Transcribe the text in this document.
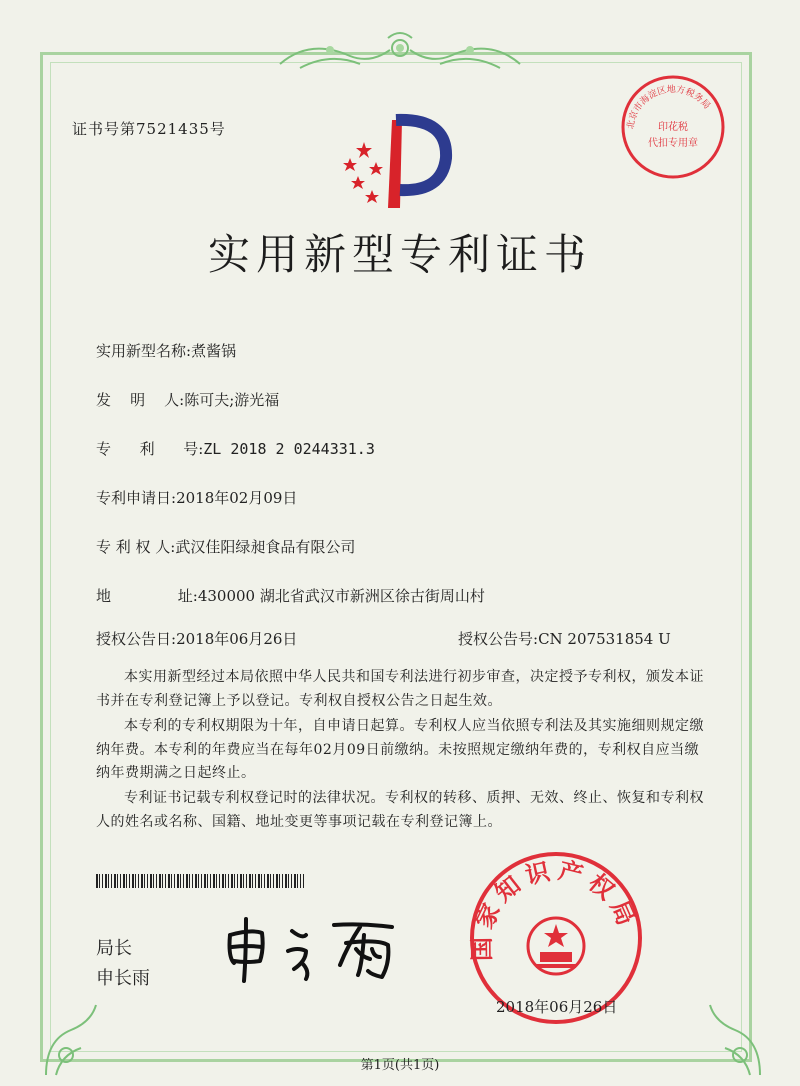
证书号第7521435号
实用新型专利证书
北京市海淀区地方税务局
印花税
代扣专用章
实用新型名称:煮酱锅
发    明    人:陈可夫;游光福
专      利      号:ZL 2018 2 0244331.3
专利申请日:2018年02月09日
专 利 权 人:武汉佳阳绿昶食品有限公司
地              址:430000 湖北省武汉市新洲区徐古街周山村
授权公告日:2018年06月26日	授权公告号:CN 207531854 U
本实用新型经过本局依照中华人民共和国专利法进行初步审查，决定授予专利权，颁发本证书并在专利登记簿上予以登记。专利权自授权公告之日起生效。
本专利的专利权期限为十年，自申请日起算。专利权人应当依照专利法及其实施细则规定缴纳年费。本专利的年费应当在每年02月09日前缴纳。未按照规定缴纳年费的，专利权自应当缴纳年费期满之日起终止。
专利证书记载专利权登记时的法律状况。专利权的转移、质押、无效、终止、恢复和专利权人的姓名或名称、国籍、地址变更等事项记载在专利登记簿上。
局长
申长雨
国家知识产权局
2018年06月26日
第1页(共1页)
